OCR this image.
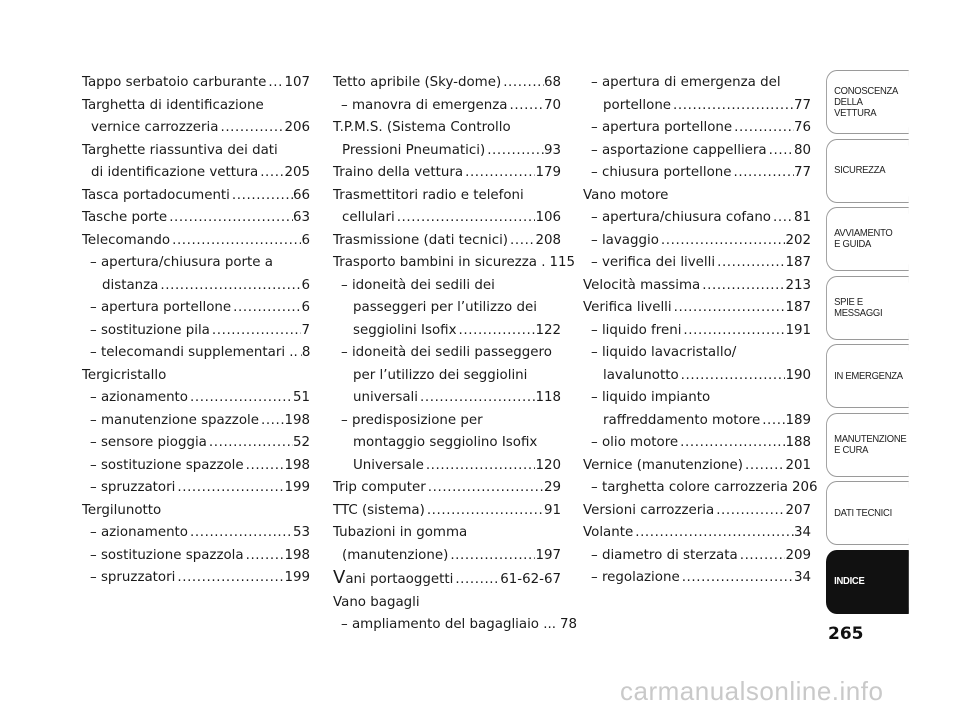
Tappo serbatoio carburante ..... 107
Targhetta di identificazione
vernice carrozzeria .....	206
Targhette riassuntiva dei dati
di identificazione vettura ..... 205
Tasca portadocumenti .....	66
Tasche porte .....	63
Telecomando .....	6
– apertura/chiusura porte a
distanza .....	6
– apertura portellone .....	6
– sostituzione pila .....	7
– telecomandi supplementari .. ..... 8
Tergicristallo
– azionamento .....	51
– manutenzione spazzole ..... 198
– sensore pioggia .....	52
– sostituzione spazzole .....	198
– spruzzatori .....	199
Tergilunotto
– azionamento .....	53
– sostituzione spazzola .....	198
– spruzzatori .....	199
Tetto apribile (Sky-dome) .....	68
– manovra di emergenza .....	70
T.P.M.S. (Sistema Controllo
Pressioni Pneumatici) .....	93
Traino della vettura .....	179
Trasmettitori radio e telefoni
cellulari .....	106
Trasmissione (dati tecnici) ..... 208
Trasporto bambini in sicurezza . 115
– idoneità dei sedili dei
passeggeri per l’utilizzo dei
seggiolini Isofix .....	122
– idoneità dei sedili passeggero
per l’utilizzo dei seggiolini
universali .....	118
– predisposizione per
montaggio seggiolino Isofix
Universale .....	120
Trip computer .....	29
TTC (sistema) .....	91
Tubazioni in gomma
(manutenzione) .....	197
Vani portaoggetti .....	61-62-67
Vano bagagli
– ampliamento del bagagliaio ... 78
– apertura di emergenza del
portellone .....	77
– apertura portellone .....	76
– asportazione cappelliera ..... 80
– chiusura portellone .....	77
Vano motore
– apertura/chiusura cofano ..... 81
– lavaggio .....	202
– verifica dei livelli .....	187
Velocità massima .....	213
Verifica livelli .....	187
– liquido freni .....	191
– liquido lavacristallo/
lavalunotto .....	190
– liquido impianto
raffreddamento motore ..... 189
– olio motore .....	188
Vernice (manutenzione) .....	201
– targhetta colore carrozzeria 206
Versioni carrozzeria .....	207
Volante .....	34
– diametro di sterzata .....	209
– regolazione .....	34
CONOSCENZA
DELLA
VETTURA
SICUREZZA
AVVIAMENTO
E GUIDA
SPIE E
MESSAGGI
IN EMERGENZA
MANUTENZIONE
E CURA
DATI TECNICI
INDICE
265
carmanualsonline.info
